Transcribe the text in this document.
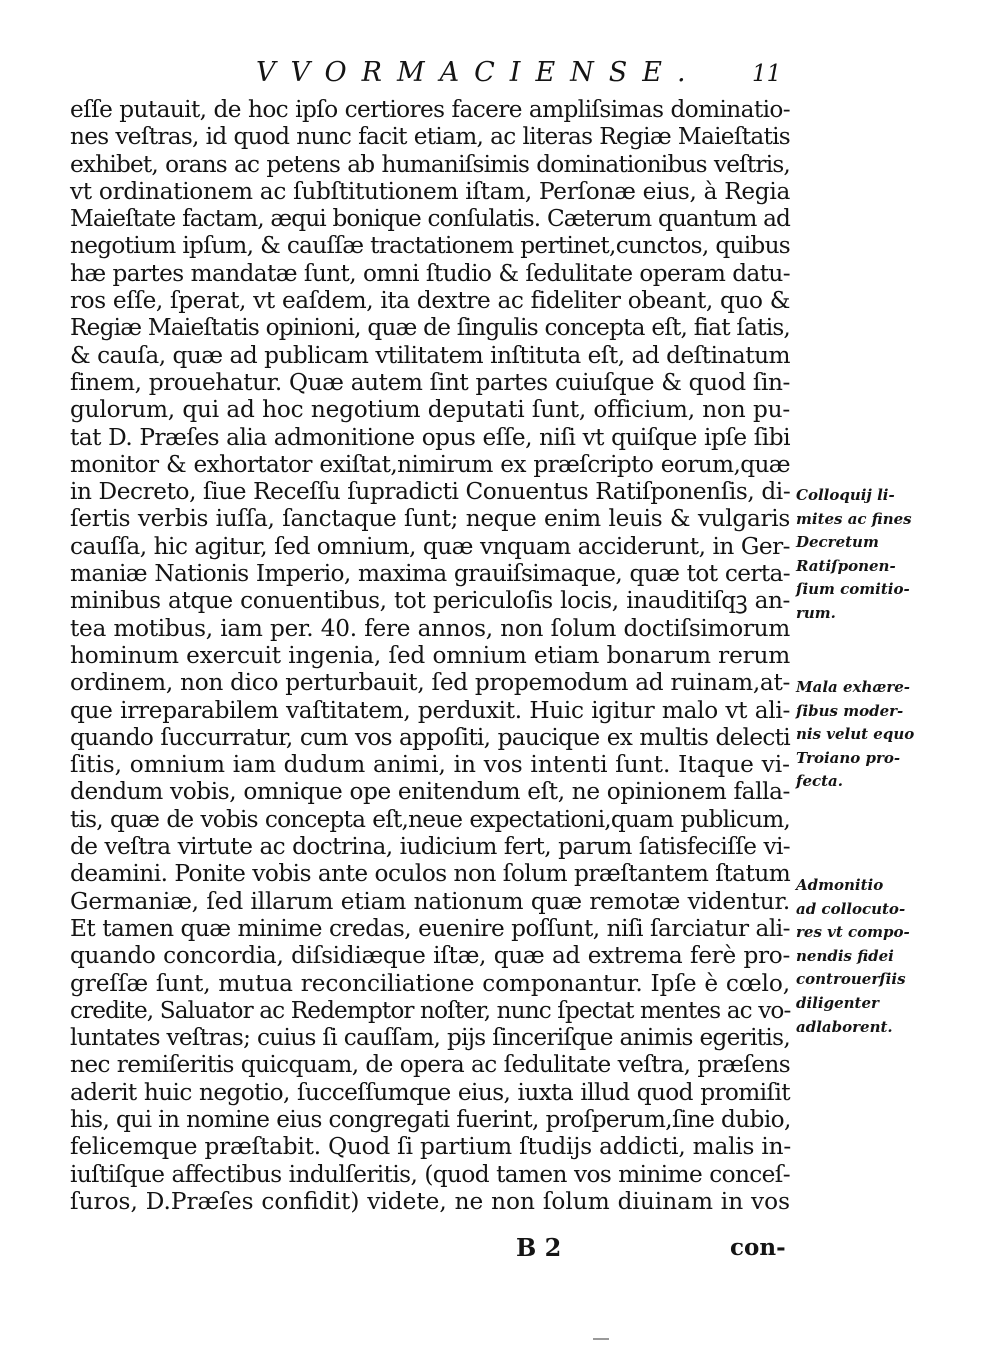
VVORMACIENSE. 11
eſſe putauit, de hoc ipſo certiores facere ampliſsimas dominatio-
nes veſtras, id quod nunc facit etiam, ac literas Regiæ Maieſtatis
exhibet, orans ac petens ab humaniſsimis dominationibus veſtris,
vt ordinationem ac ſubſtitutionem iſtam, Perſonæ eius, à Regia
Maieſtate factam, æqui bonique conſulatis. Cæterum quantum ad
negotium ipſum, & cauſſæ tractationem pertinet,cunctos, quibus
hæ partes mandatæ ſunt, omni ſtudio & ſedulitate operam datu-
ros eſſe, ſperat, vt eaſdem, ita dextre ac fideliter obeant, quo &
Regiæ Maieſtatis opinioni, quæ de ſingulis concepta eſt, fiat ſatis,
& cauſa, quæ ad publicam vtilitatem inſtituta eſt, ad deſtinatum
finem, prouehatur. Quæ autem ſint partes cuiuſque & quod ſin-
gulorum, qui ad hoc negotium deputati ſunt, officium, non pu-
tat D. Præſes alia admonitione opus eſſe, niſi vt quiſque ipſe ſibi
monitor & exhortator exiſtat,nimirum ex præſcripto eorum,quæ
in Decreto, ſiue Receſſu ſupradicti Conuentus Ratiſponenſis, di-
ſertis verbis iuſſa, ſanctaque ſunt; neque enim leuis & vulgaris
cauſſa, hic agitur, ſed omnium, quæ vnquam acciderunt, in Ger-
maniæ Nationis Imperio, maxima grauiſsimaque, quæ tot certa-
minibus atque conuentibus, tot periculoſis locis, inauditiſqꝫ an-
tea motibus, iam per. 40. fere annos, non ſolum doctiſsimorum
hominum exercuit ingenia, ſed omnium etiam bonarum rerum
ordinem, non dico perturbauit, ſed propemodum ad ruinam,at-
que irreparabilem vaſtitatem, perduxit. Huic igitur malo vt ali-
quando ſuccurratur, cum vos appoſiti, paucique ex multis delecti
ſitis, omnium iam dudum animi, in vos intenti ſunt. Itaque vi-
dendum vobis, omnique ope enitendum eſt, ne opinionem falla-
tis, quæ de vobis concepta eſt,neue expectationi,quam publicum,
de veſtra virtute ac doctrina, iudicium fert, parum ſatisfeciſſe vi-
deamini. Ponite vobis ante oculos non ſolum præſtantem ſtatum
Germaniæ, ſed illarum etiam nationum quæ remotæ videntur.
Et tamen quæ minime credas, euenire poſſunt, niſi ſarciatur ali-
quando concordia, diſsidiæque iſtæ, quæ ad extrema ferè pro-
greſſæ ſunt, mutua reconciliatione componantur. Ipſe è cœlo,
credite, Saluator ac Redemptor noſter, nunc ſpectat mentes ac vo-
luntates veſtras; cuius ſi cauſſam, pijs ſinceriſque animis egeritis,
nec remiſeritis quicquam, de opera ac ſedulitate veſtra, præſens
aderit huic negotio, ſucceſſumque eius, iuxta illud quod promiſit
his, qui in nomine eius congregati fuerint, proſperum,ſine dubio,
felicemque præſtabit. Quod ſi partium ſtudijs addicti, malis in-
iuſtiſque affectibus indulſeritis, (quod tamen vos minime conceſ-
ſuros, D.Præſes confidit) videte, ne non ſolum diuinam in vos
Colloquij li-
mites ac fines
Decretum
Ratiſponen-
ſium comitio-
rum.
Mala exhære-
ſibus moder-
nis velut equo
Troiano pro-
fecta.
Admonitio
ad collocuto-
res vt compo-
nendis fidei
controuerſiis
diligenter
adlaborent.
B 2	con-
